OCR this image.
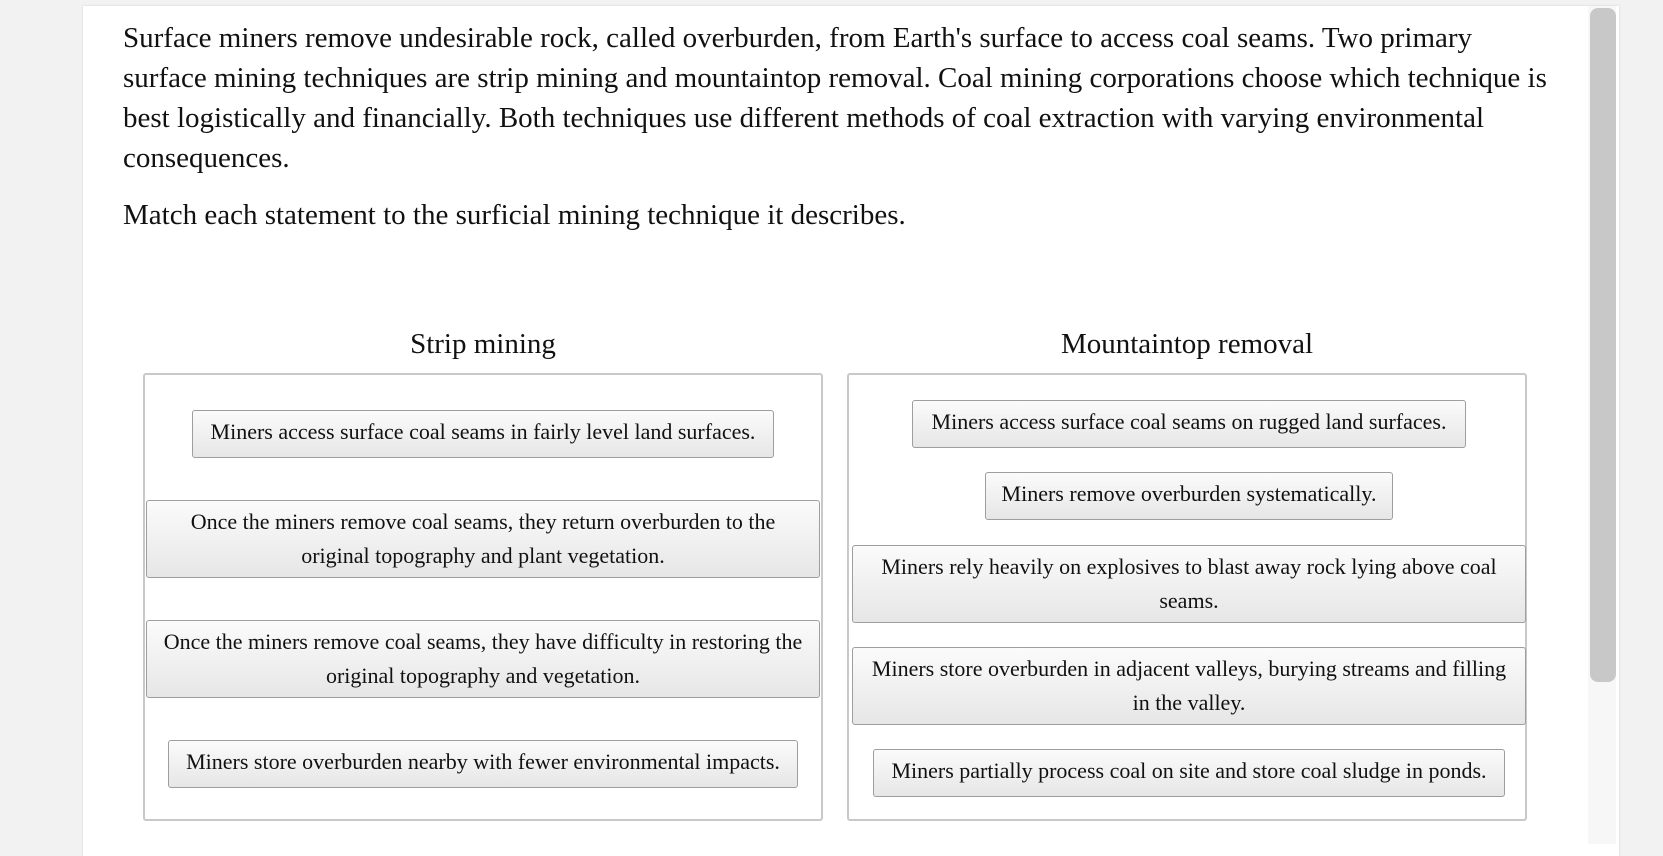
Surface miners remove undesirable rock, called overburden, from Earth's surface to access coal seams. Two primary surface mining techniques are strip mining and mountaintop removal. Coal mining corporations choose which technique is best logistically and financially. Both techniques use different methods of coal extraction with varying environmental consequences.

Match each statement to the surficial mining technique it describes.

Strip mining
Miners access surface coal seams in fairly level land surfaces.
Once the miners remove coal seams, they return overburden to the original topography and plant vegetation.
Once the miners remove coal seams, they have difficulty in restoring the original topography and vegetation.
Miners store overburden nearby with fewer environmental impacts.
Mountaintop removal
Miners access surface coal seams on rugged land surfaces.
Miners remove overburden systematically.
Miners rely heavily on explosives to blast away rock lying above coal seams.
Miners store overburden in adjacent valleys, burying streams and filling in the valley.
Miners partially process coal on site and store coal sludge in ponds.
